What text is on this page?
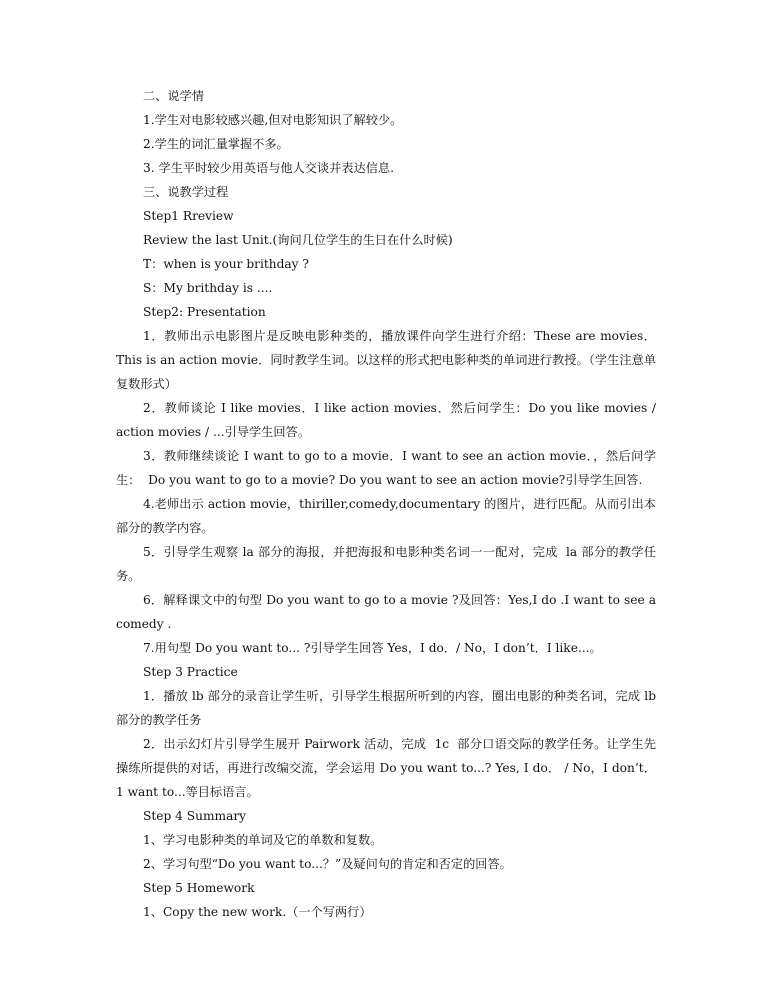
二、说学情

1.学生对电影较感兴趣,但对电影知识了解较少。

2.学生的词汇量掌握不多。

3. 学生平时较少用英语与他人交谈并表达信息.

三、说教学过程

Step1 Rreview

Review the last Unit.(询问几位学生的生日在什么时候)

T：when is your brithday ?

S：My brithday is ....

Step2: Presentation

1．教师出示电影图片是反映电影种类的，播放课件向学生进行介绍：These are movies．This is an action movie．同时教学生词。以这样的形式把电影种类的单词进行教授。（学生注意单复数形式）

2．教师谈论 I like movies．I like action movies．然后问学生：Do you like movies / action movies / ...引导学生回答。

3．教师继续谈论 I want to go to a movie．I want to see an action movie．，然后问学生：  Do you want to go to a movie? Do you want to see an action movie?引导学生回答.

4.老师出示 action movie，thiriller,comedy,documentary 的图片，进行匹配。从而引出本部分的教学内容。

5．引导学生观察 la 部分的海报，并把海报和电影种类名词一一配对，完成  la 部分的教学任务。

6．解释课文中的句型 Do you want to go to a movie ?及回答：Yes,I do .I want to see a comedy .

7.用句型 Do you want to... ?引导学生回答 Yes，I do．/ No，I don’t．I like...。

Step 3 Practice

1．播放 lb 部分的录音让学生听，引导学生根据所听到的内容，圈出电影的种类名词，完成 lb 部分的教学任务

2．出示幻灯片引导学生展开 Pairwork 活动，完成  1c  部分口语交际的教学任务。让学生先操练所提供的对话，再进行改编交流，学会运用 Do you want to...? Yes, I do． / No，I don’t．1 want to...等目标语言。

Step 4 Summary

1、学习电影种类的单词及它的单数和复数。

2、学习句型“Do you want to...？”及疑问句的肯定和否定的回答。

Step 5 Homework

1、Copy the new work.（一个写两行）
